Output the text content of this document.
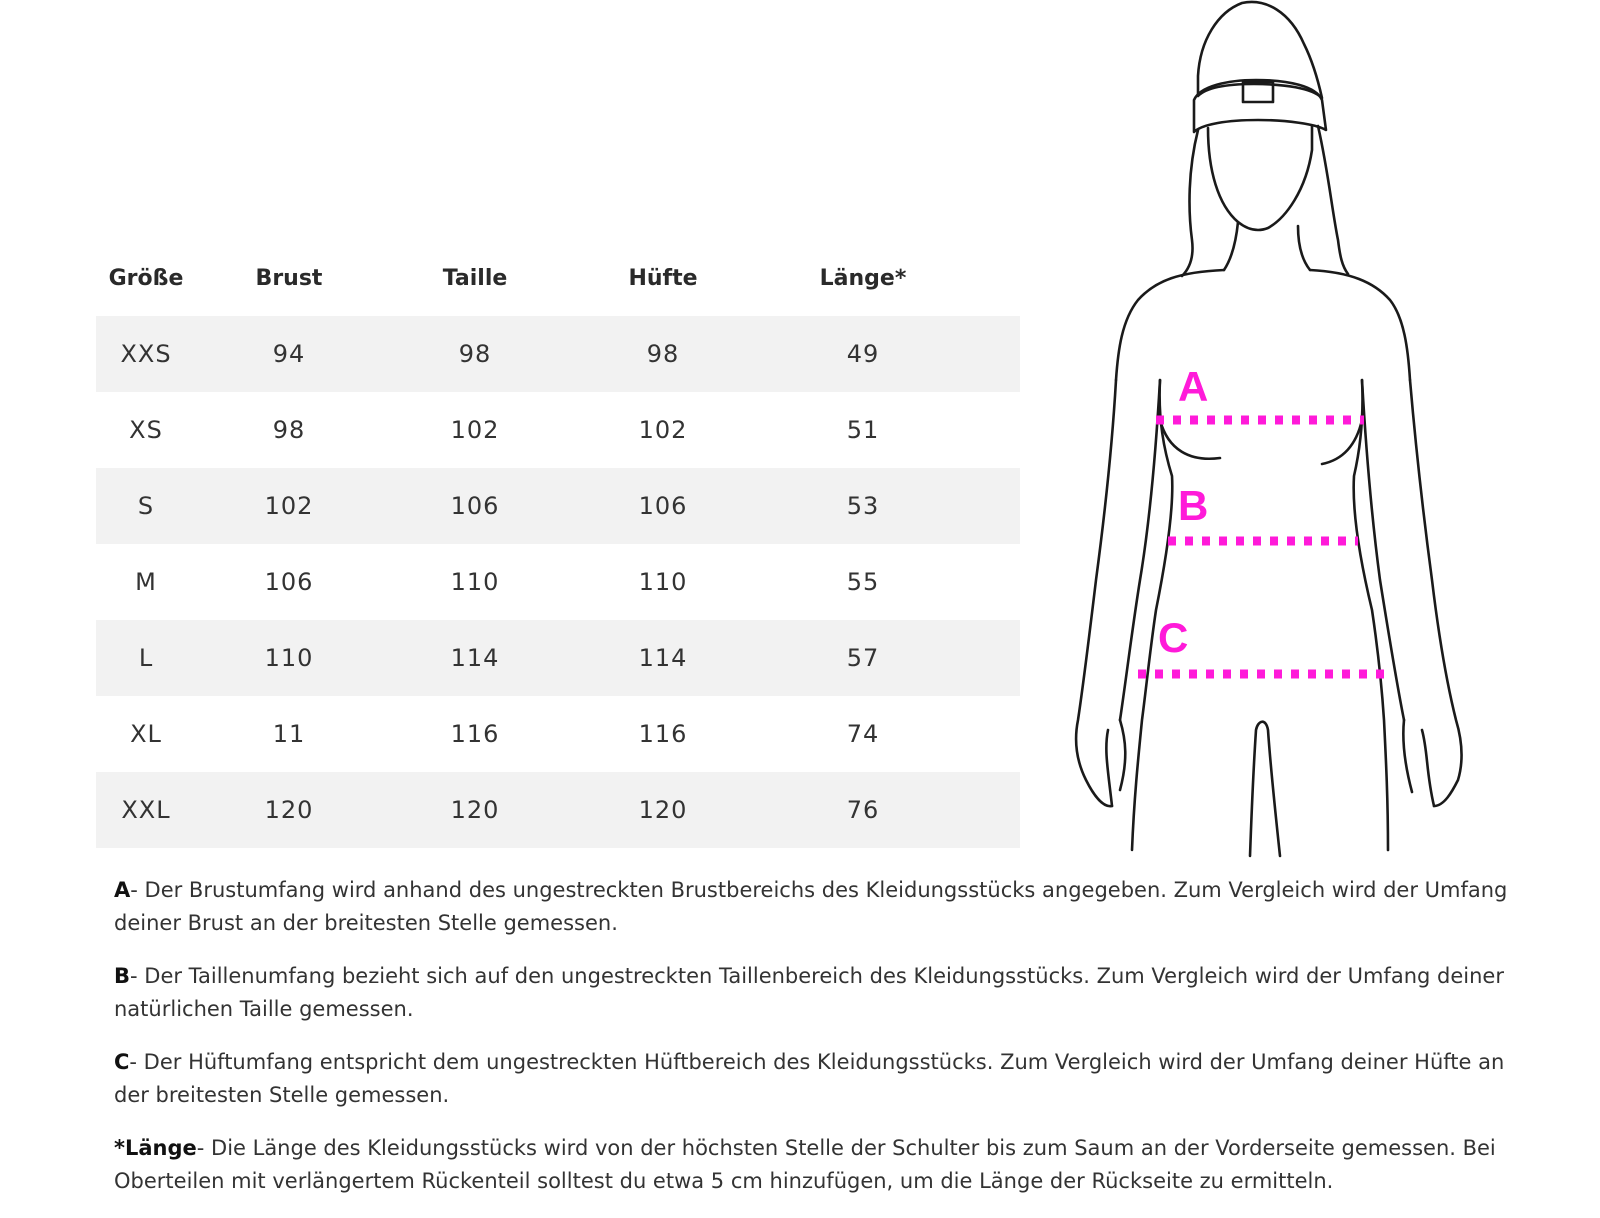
Größe	Brust	Taille	Hüfte	Länge*	
XXS	94	98	98	49	
XS	98	102	102	51	
S	102	106	106	53	
M	106	110	110	55	
L	110	114	114	57	
XL	11	116	116	74	
XXL	120	120	120	76	
A
B
C

A- Der Brustumfang wird anhand des ungestreckten Brustbereichs des Kleidungsstücks angegeben. Zum Vergleich wird der Umfang deiner Brust an der breitesten Stelle gemessen.

B- Der Taillenumfang bezieht sich auf den ungestreckten Taillenbereich des Kleidungsstücks. Zum Vergleich wird der Umfang deiner natürlichen Taille gemessen.

C- Der Hüftumfang entspricht dem ungestreckten Hüftbereich des Kleidungsstücks. Zum Vergleich wird der Umfang deiner Hüfte an der breitesten Stelle gemessen.

*Länge- Die Länge des Kleidungsstücks wird von der höchsten Stelle der Schulter bis zum Saum an der Vorderseite gemessen. Bei Oberteilen mit verlängertem Rückenteil solltest du etwa 5 cm hinzufügen, um die Länge der Rückseite zu ermitteln.
